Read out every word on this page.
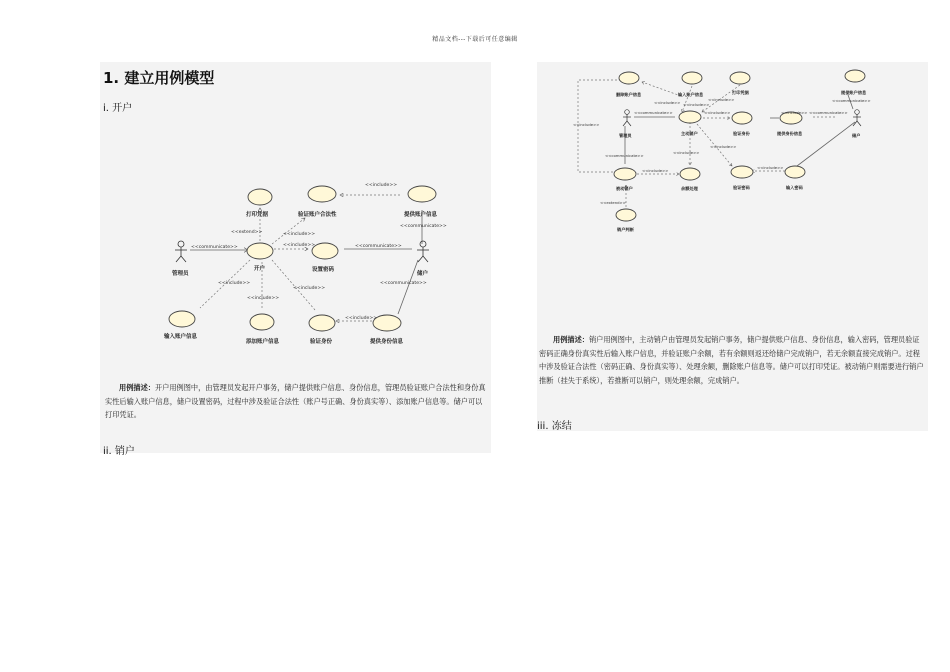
精品文档---下载后可任意编辑
1. 建立用例模型
i. 开户
打印凭据	验证账户合法性	提供账户信息
开户	设置密码
输入账户信息
添加账户信息	验证身份	提供身份信息
管理员	储户
<<communicate>>
<<extend>>	<<include>>
<<include>>
<<include>>
<<communicate>>
<<communicate>>
<<include>>
<<include>>
<<include>>
<<include>>
<<communicate>>
用例描述：开户用例图中，由管理员发起开户事务，储户提供账户信息、身份信息，管理员验证账户合法性和身份真实性后输入账户信息，储户设置密码，过程中涉及验证合法性（账户号正确、身份真实等）、添加账户信息等。储户可以打印凭证。
ii. 销户
删除账户信息	输入账户信息	打印凭据	提供账户信息
主动销户	验证身份	提供身份信息
被动销户	余额处理	验证密码	输入密码
销户判断
管理员	储户
<<include>> <<include>>
<<include>>
<<communicate>>	<<include>>	<<include>> <<communicate>>
<<communicate>>
<<include>>
<<include>>
<<include>>
<<communicate>>
<<include>>
<<include>>
<<extend>>
用例描述：销户用例图中，主动销户由管理员发起销户事务，储户提供账户信息、身份信息，输入密码，管理员验证密码正确身份真实性后输入账户信息，并验证账户余额，若有余额则返还给储户完成销户，若无余额直接完成销户。过程中涉及验证合法性（密码正确、身份真实等）、处理余额，删除账户信息等。储户可以打印凭证。被动销户则需要进行销户推断（挂失于系统），若推断可以销户，则处理余额，完成销户。
iii. 冻结
